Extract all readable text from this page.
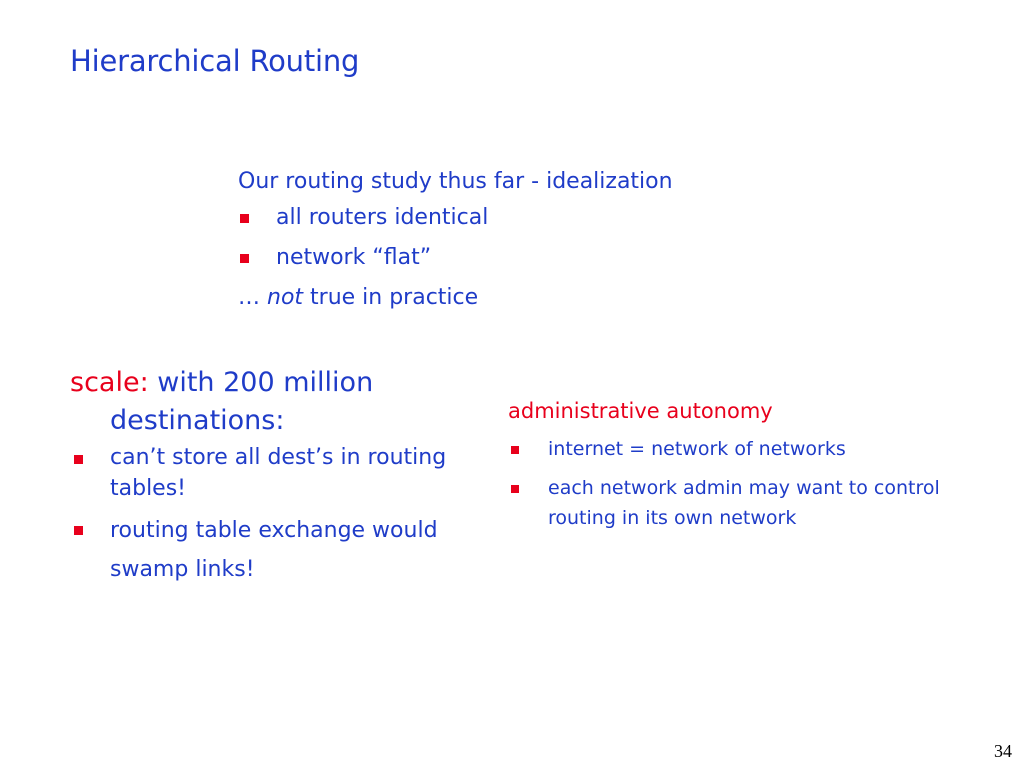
Hierarchical Routing

Our routing study thus far - idealization

all routers identical
network “flat”

… not true in practice

scale: with 200 million destinations:

can’t store all dest’s in routing tables!
routing table exchange would swamp links!

administrative autonomy

internet = network of networks
each network admin may want to control routing in its own network
34
